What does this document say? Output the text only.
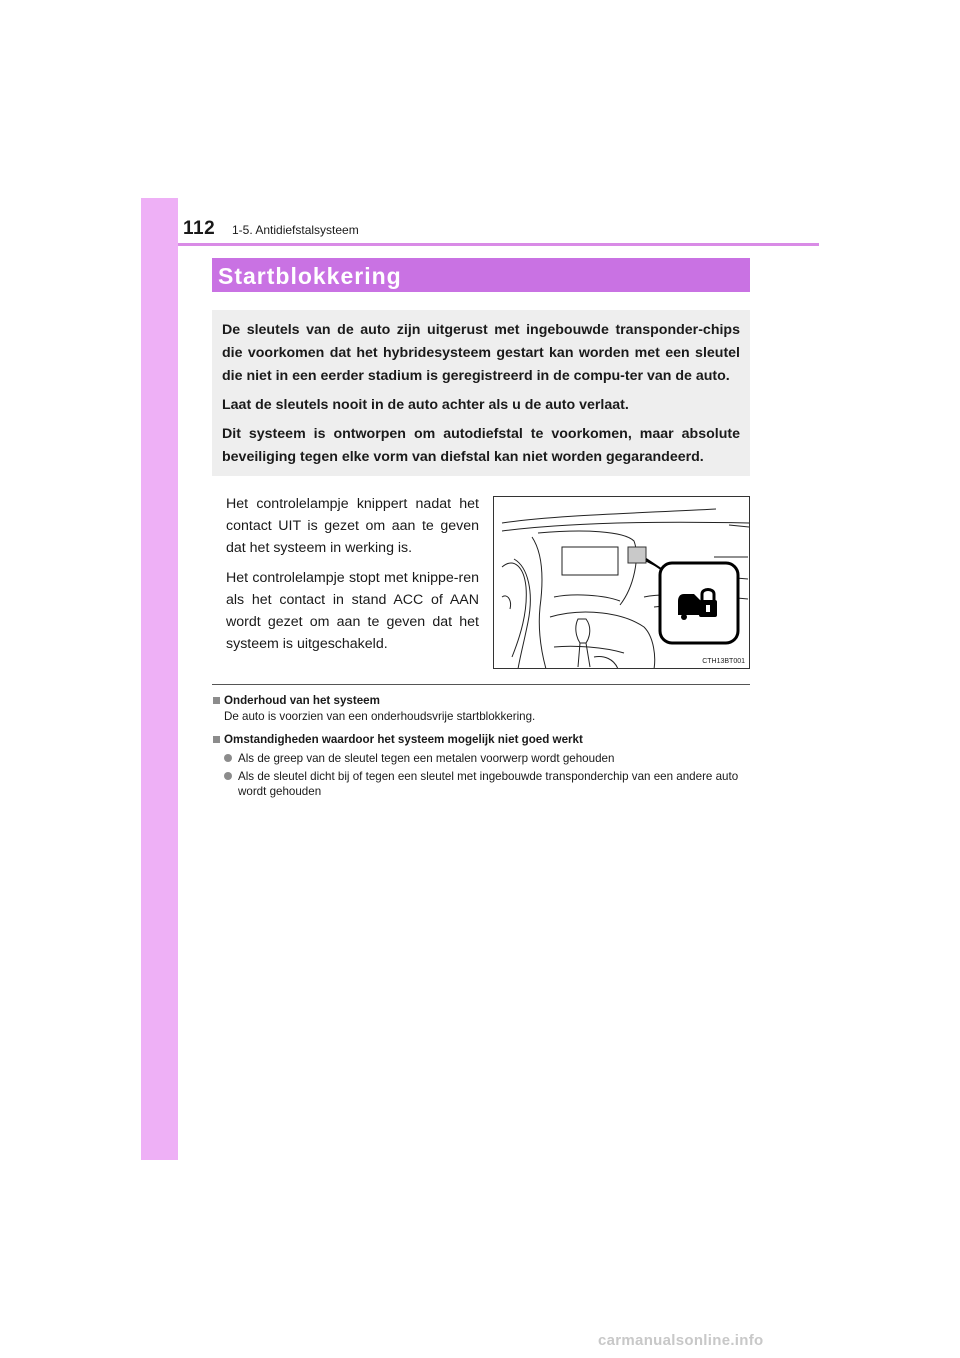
112 1-5. Antidiefstalsysteem
Startblokkering

De sleutels van de auto zijn uitgerust met ingebouwde transponder-chips die voorkomen dat het hybridesysteem gestart kan worden met een sleutel die niet in een eerder stadium is geregistreerd in de compu-ter van de auto.

Laat de sleutels nooit in de auto achter als u de auto verlaat.

Dit systeem is ontworpen om autodiefstal te voorkomen, maar absolute beveiliging tegen elke vorm van diefstal kan niet worden gegarandeerd.

Het controlelampje knippert nadat het contact UIT is gezet om aan te geven dat het systeem in werking is.

Het controlelampje stopt met knippe-ren als het contact in stand ACC of AAN wordt gezet om aan te geven dat het systeem is uitgeschakeld.

CTH13BT001
Onderhoud van het systeem
De auto is voorzien van een onderhoudsvrije startblokkering.
Omstandigheden waardoor het systeem mogelijk niet goed werkt
Als de greep van de sleutel tegen een metalen voorwerp wordt gehouden
Als de sleutel dicht bij of tegen een sleutel met ingebouwde transponderchip van een andere auto wordt gehouden
carmanualsonline.info
